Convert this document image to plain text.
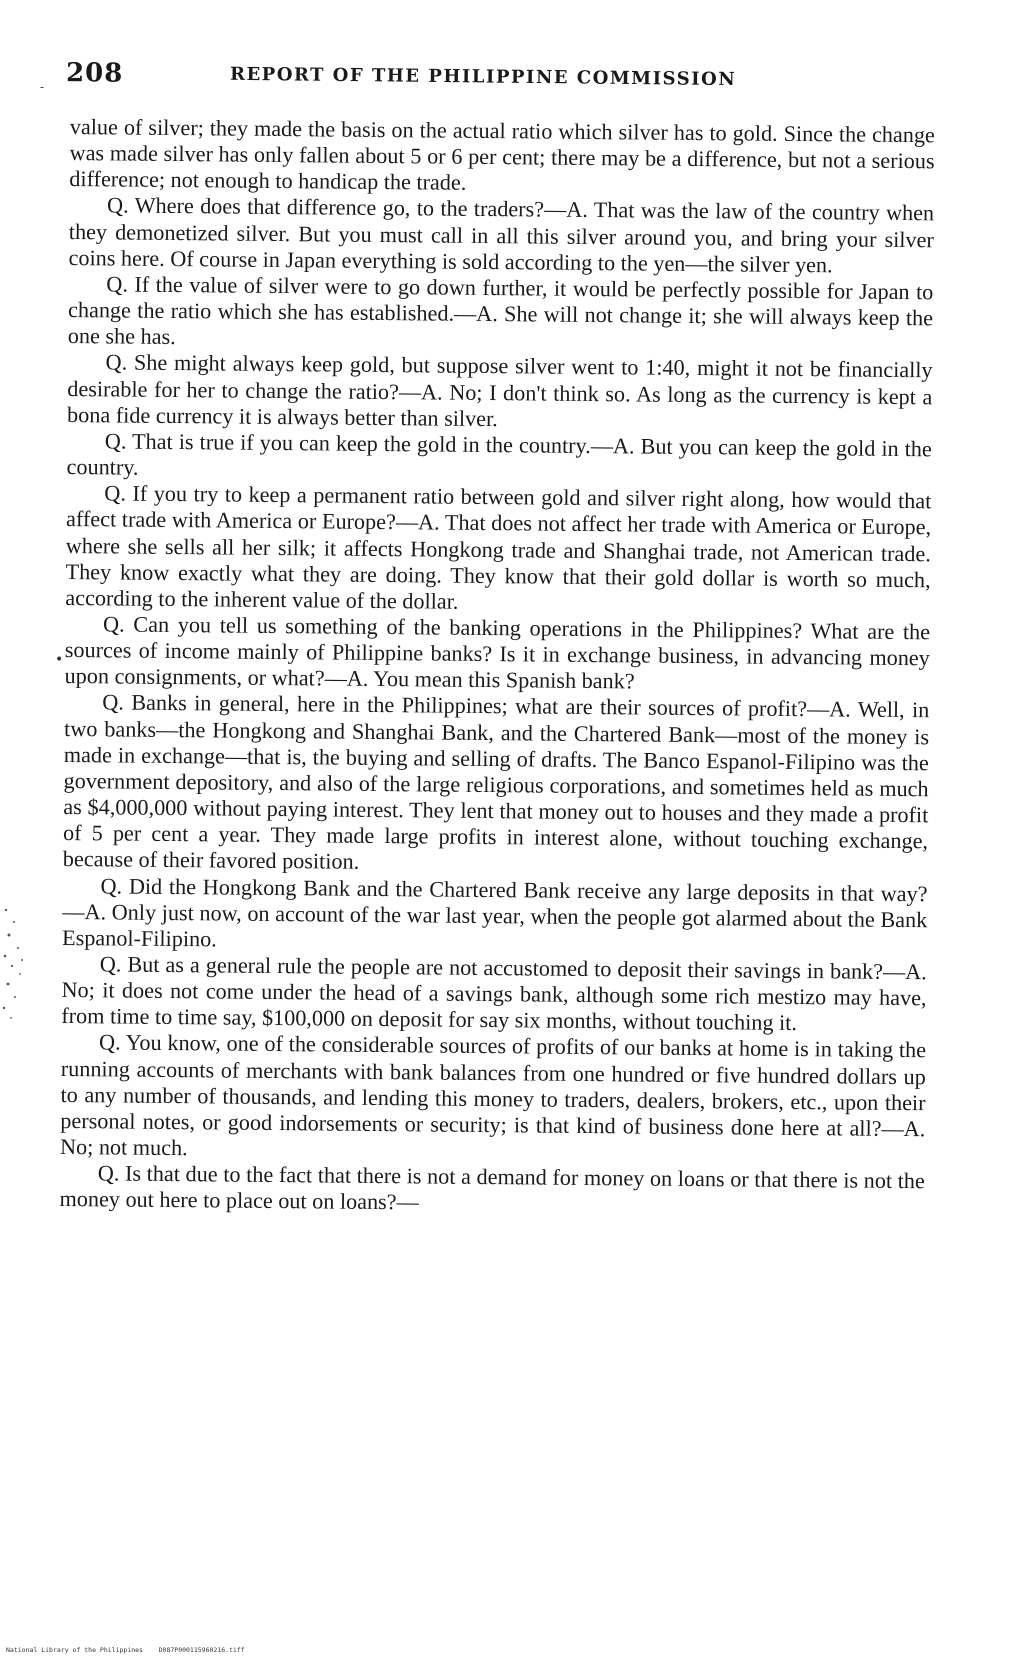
208	REPORT OF THE PHILIPPINE COMMISSION
-
•

value of silver; they made the basis on the actual ratio which silver has to gold. Since the change was made silver has only fallen about 5 or 6 per cent; there may be a difference, but not a serious difference; not enough to handicap the trade.

Q. Where does that difference go, to the traders?—A. That was the law of the country when they demonetized silver. But you must call in all this silver around you, and bring your silver coins here. Of course in Japan everything is sold according to the yen—the silver yen.

Q. If the value of silver were to go down further, it would be perfectly possible for Japan to change the ratio which she has established.—A. She will not change it; she will always keep the one she has.

Q. She might always keep gold, but suppose silver went to 1:40, might it not be financially desirable for her to change the ratio?—A. No; I don't think so. As long as the currency is kept a bona fide currency it is always better than silver.

Q. That is true if you can keep the gold in the country.—A. But you can keep the gold in the country.

Q. If you try to keep a permanent ratio between gold and silver right along, how would that affect trade with America or Europe?—A. That does not affect her trade with America or Europe, where she sells all her silk; it affects Hongkong trade and Shanghai trade, not American trade. They know exactly what they are doing. They know that their gold dollar is worth so much, according to the inherent value of the dollar.

Q. Can you tell us something of the banking operations in the Philippines? What are the sources of income mainly of Philippine banks? Is it in exchange business, in advancing money upon consignments, or what?—A. You mean this Spanish bank?

Q. Banks in general, here in the Philippines; what are their sources of profit?—A. Well, in two banks—the Hongkong and Shanghai Bank, and the Chartered Bank—most of the money is made in exchange—that is, the buying and selling of drafts. The Banco Espanol-Filipino was the government depository, and also of the large religious corporations, and sometimes held as much as $4,000,000 without paying interest. They lent that money out to houses and they made a profit of 5 per cent a year. They made large profits in interest alone, without touching exchange, because of their favored position.

Q. Did the Hongkong Bank and the Chartered Bank receive any large deposits in that way?—A. Only just now, on account of the war last year, when the people got alarmed about the Bank Espanol-Filipino.

Q. But as a general rule the people are not accustomed to deposit their savings in bank?—A. No; it does not come under the head of a savings bank, although some rich mestizo may have, from time to time say, $100,000 on deposit for say six months, without touching it.

Q. You know, one of the considerable sources of profits of our banks at home is in taking the running accounts of merchants with bank balances from one hundred or five hundred dollars up to any number of thousands, and lending this money to traders, dealers, brokers, etc., upon their personal notes, or good indorsements or security; is that kind of business done here at all?—A. No; not much.

Q. Is that due to the fact that there is not a demand for money on loans or that there is not the money out here to place out on loans?—

National Library of the Philippines D087P000115960216.tiff
